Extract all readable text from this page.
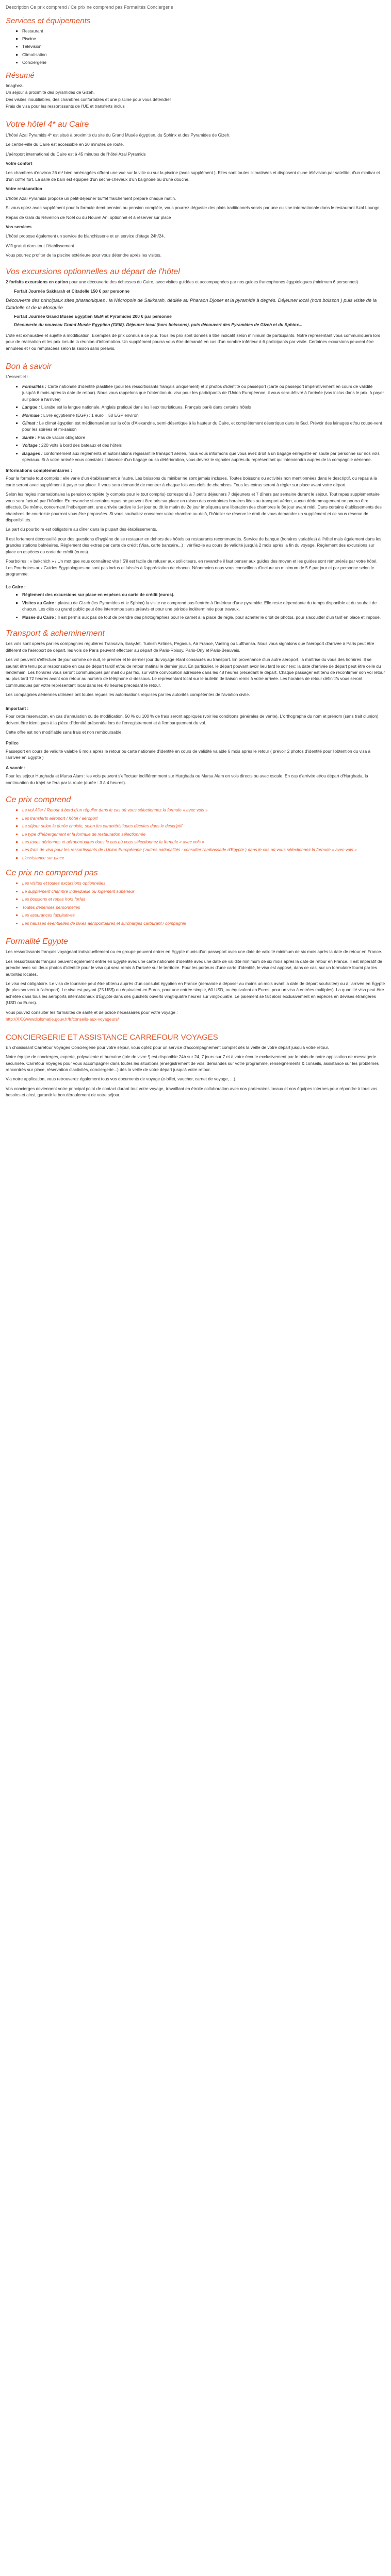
Description Ce prix comprend / Ce prix ne comprend pas Formalités Conciergerie
Services et équipements
▪ Restaurant
▪ Piscine
▪ Télévision
▪ Climatisation
▪ Conciergerie
Résumé

Imaghez...

Un séjour à proximité des pyramides de Gizeh.

Des visites inoubliables, des chambres confortables et une piscine pour vous détendre!

Frais de visa pour les ressortissants de l'UE et transferts inclus

Votre hôtel 4* au Caire

L'hôtel Azal Pyramids 4* est situé à proximité du site du Grand Musée égyptien, du Sphinx et des Pyramides de Gizeh.

Le centre-ville du Caire est accessible en 20 minutes de route.

L'aéroport international du Caire est à 45 minutes de l'hôtel Azal Pyramids

Votre confort

Les chambres d'environ 26 m² bien aménagées offrent une vue sur la ville ou sur la piscine (avec supplément ). Elles sont toutes climatisées et disposent d'une télévision par satellite, d'un minibar et d'un coffre fort. La salle de bain est équipée d'un sèche-cheveux d'un baignoire ou d'une douche.

Votre restauration

L'hôtel Azal Pyramids propose un petit-déjeuner buffet fraîchement préparé chaque matin.

Si vous optez avec supplément pour la formule demi-pension ou pension complète, vous pourrez déguster des plats traditionnels servis par une cuisine internationale dans le restaurant Azal Lounge.

Repas de Gala du Réveillon de Noël ou du Nouvel An: optionnel et à réserver sur place

Vos services

L'hôtel propose également un service de blanchisserie et un service d'étage 24h/24.

Wifi gratuit dans tout l'établissement

Vous pourrez profiter de la piscine extérieure pour vous détendre après les visites.

Vos excursions optionnelles au départ de l'hôtel

2 forfaits excursions en option pour une découverte des richesses du Caire, avec visites guidées et accompagnées par nos guides francophones égyptologues (minimum 6 personnes)

Forfait Journée Sakkarah et Citadelle 150 € par personne
Découverte des principaux sites pharaoniques : la Nécropole de Sakkarah, dédiée au Pharaon Djoser et la pyramide à degrés. Déjeuner local (hors boisson ) puis visite de la Citadelle et de la Mosquée
Forfait Journée Grand Musée Egyptien GEM et Pyramides 200 € par personne
Découverte du nouveau Grand Musée Egyptien (GEM). Déjeuner local (hors boissons), puis découvert des Pyramides de Gizeh et du Sphinx...

L'ote est exhaustive et sujette à modification. Exemples de prix connus à ce jour. Tous les prix sont donnés à titre indicatif selon minimum de participants. Notre représentant vous communiquera lors pour de réalisation et les prix lors de la réunion d'information. Un supplément pourra vous être demandé en cas d'un nombre inférieur à 6 participants par visite. Certaines excursions peuvent être annulées et / ou remplacées selon la saison sans préavis.

Bon à savoir

L'essentiel :

▪ Formalités : Carte nationale d'identité plastifiée (pour les ressortissants français uniquement) et 2 photos d'identité ou passeport (carte ou passeport impérativement en cours de validité jusqu'à 6 mois après la date de retour). Nous vous rappelons que l'obtention du visa pour les participants de l'Union Européenne, il vous sera délivré à l'arrivée (vos inclus dans le prix, à payer sur place à l'arrivée)
▪ Langue : L'arabe est la langue nationale. Anglais pratiqué dans les lieux touristiques. Français parlé dans certains hôtels
▪ Monnaie : Livre égyptienne (EGP) : 1 euro = 50 EGP environ
▪ Climat : Le climat égyptien est méditerranéen sur la côte d'Alexandrie, semi-désertique à la hauteur du Caire, et complètement désertique dans le Sud. Prévoir des lainages et/ou coupe-vent pour les soirées et mi-saison
▪ Santé : Pas de vaccin obligatoire
▪ Voltage : 220 volts à bord des bateaux et des hôtels
▪ Bagages : conformément aux règlements et autorisations régissant le transport aérien, nous vous informons que vous avez droit à un bagage enregistré en soute par personne sur nos vols spéciaux. Si à votre arrivée vous constatez l'absence d'un bagage ou sa détérioration, vous devrez le signaler auprès du représentant qui interviendra auprès de la compagnie aérienne.
Informations complémentaires :

Pour la formule tout compris : elle varie d'un établissement à l'autre. Les boissons du minibar ne sont jamais incluses. Toutes boissons ou activités non mentionnées dans le descriptif, ou repas à la carte seront avec supplément à payer sur place. Il vous sera demandé de montrer à chaque fois vos clefs de chambres. Tous les extras seront à régler sur place avant votre départ.

Selon les règles internationales la pension complète (y compris pour le tout compris) correspond à 7 petits déjeuners 7 déjeuners et 7 dîners par semaine durant le séjour. Tout repas supplémentaire vous sera facturé par l'hôtelier. En revanche si certains repas ne peuvent être pris sur place en raison des contraintes horaires liées au transport aérien, aucun dédommagement ne pourra être effectué. De même, concernant l'hébergement, une arrivée tardive le 1er jour ou tôt le matin du 2e jour impliquera une libération des chambres le 8e jour avant midi. Dans certains établissements des chambres de courtoisie pourront vous être proposées. Si vous souhaitez conserver votre chambre au-delà, l'hôtelier se réserve le droit de vous demander un supplément et ce sous réserve de disponibilités.

La part du pourboire est obligatoire au dîner dans la plupart des établissements.

Il est fortement déconseillé pour des questions d'hygiène de se restaurer en dehors des hôtels ou restaurants recommandés. Service de banque (horaires variables) à l'hôtel mais également dans les grandes stations balnéaires. Règlement des extras par carte de crédit (Visa, carte bancaire...) : vérifiez-le au cours de validité jusqu'à 2 mois après la fin du voyage. Règlement des excursions sur place en espèces ou carte de crédit (euros).

Pourboires : « bakchich » / Un mot que vous connaîtrez vite ! S'il est facile de refuser aux solliciteurs, en revanche il faut penser aux guides des moyen et les guides sont rémunérés par votre hôtel. Les Pourboires aux Guides Égyptologues ne sont pas inclus et laissés à l'appréciation de chacun. Néanmoins nous vous conseillons d'inclure un minimum de 5 € par jour et par personne selon le programme.

Le Caire :
▪ Règlement des excursions sur place en espèces ou carte de crédit (euros).
▪ Visites au Caire : plateau de Gizeh (les Pyramides et le Sphinx) la visite ne comprend pas l'entrée à l'intérieur d'une pyramide. Elle reste dépendante du temps disponible et du souhait de chacun. Les clés ou grand public peut être interrompu sans préavis et pour une période indéterminée pour travaux.
▪ Musée du Caire : Il est permis aux pas de tout de prendre des photographies pour le carnet à la place de réglé, pour acheter le droit de photos, pour s'acquitter d'un tarif en place et imposé.
Transport & acheminement

Les vols sont opérés par les compagnies régulières Transavia, EasyJet, Turkish Airlines, Pegasus, Air France, Vueling ou Lufthansa. Nous vous signalons que l'aéroport d'arrivée à Paris peut être différent de l'aéroport de départ, les vols de Paris peuvent effectuer au départ de Paris-Roissy, Paris-Orly et Paris-Beauvais.

Les vol peuvent s'effectuer de jour comme de nuit, le premier et le dernier jour du voyage étant consacrés au transport. En provenance d'un autre aéroport, la maîtrise du vous des horaires. Il se saurait être tenu pour responsable en cas de départ tardif et/ou de retour matinal le dernier jour. En particulier, le départ pouvant avoir lieu tard le soir (ex: la date d'arrivée de départ peut être celle du lendemain. Les horaires vous seront communiqués par mail ou par fax, sur votre convocation adressée dans les 48 heures précédant le départ. Chaque passager est tenu de reconfirmer son vol retour au plus tard 72 heures avant son retour au numéro de téléphone ci-dessous. Le représentant local sur le bulletin de liaison remis à votre arrivée. Les horaires de retour définitifs vous seront communiqués par votre représentant local dans les 48 heures précédant le retour.

Les compagnies aériennes utilisées ont toutes reçues les autorisations requises par les autorités compétentes de l'aviation civile.

Important :

Pour cette réservation, en cas d'annulation ou de modification, 50 % ou 100 % de frais seront appliqués (voir les conditions générales de vente). L'orthographe du nom et prénom (sans trait d'union) doivent être identiques à la pièce d'identité présentée lors de l'enregistrement et à l'embarquement du vol.

Cette offre est non modifiable sans frais et non remboursable.

Police

Passeport en cours de validité valable 6 mois après le retour ou carte nationale d'identité en cours de validité valable 6 mois après le retour ( prévoir 2 photos d'identité pour l'obtention du visa à l'arrivée en Egypte )

A savoir :

Pour les séjour Hurghada et Marsa Alam : les vols peuvent s'effectuer indifféremment sur Hurghada ou Marsa Alam en vols directs ou avec escale. En cas d'arrivée et/ou départ d'Hurghada, la continuation du trajet se fera par la route (durée : 3 à 4 heures).

Ce prix comprend
▪ Le vol Aller / Retour à bord d'un régulier dans le cas où vous sélectionnez la formule « avec vols »
▪ Les transferts aéroport / hôtel / aéroport
▪ Le séjour selon la durée choisie, selon les caractéristiques décrites dans le descriptif
▪ Le type d'hébergement et la formule de restauration sélectionnée
▪ Les taxes aériennes et aéroportuaires dans le cas où vous sélectionnez la formule « avec vols »
▪ Les frais de visa pour les ressortissants de l'Union Européenne ( autres nationalités : consulter l'ambassade d'Egypte ) dans le cas où vous sélectionnez la formule « avec vols »
▪ L'assistance sur place
Ce prix ne comprend pas
▪ Les visites et toutes excursions optionnelles
▪ Le supplément chambre individuelle ou logement supérieur
▪ Les boissons et repas hors forfait
▪ Toutes dépenses personnelles
▪ Les assurances facultatives
▪ Les hausses éventuelles de taxes aéroportuaires et surcharges carburant / compagnie
Formalité Egypte

Les ressortissants français voyageant individuellement ou en groupe peuvent entrer en Egypte munis d'un passeport avec une date de validité minimum de six mois après la date de retour en France.

Les ressortissants français peuvent également entrer en Egypte avec une carte nationale d'identité avec une date de validité minimum de six mois après la date de retour en France. Il est impératif de prendre avec soi deux photos d'identité pour le visa qui sera remis à l'arrivée sur le territoire. Pour les porteurs d'une carte d'identité, le visa est apposé, dans ce cas, sur un formulaire fourni par les autorités locales.

Le visa est obligatoire. Le visa de tourisme peut être obtenu auprès d'un consulat égyptien en France (demande à déposer au moins un mois avant la date de départ souhaitée) ou à l'arrivée en Égypte (le plus souvent à l'aéroport). Le visa est payant (25 US$) ou équivalent en Euros, pour une entrée simple, 60 USD, ou équivalent en Euros, pour un visa à entrées multiples). La quantité visa peut être achetée dans tous les aéroports internationaux d'Égypte dans des guichets ouverts vingt-quatre heures sur vingt-quatre. Le paiement se fait alors exclusivement en espèces en devises étrangères (USD ou Euros).

Vous pouvez consulter les formalités de santé et de police nécessaires pour votre voyage :

http://XXXwwwdiplomatie.gouv.fr/fr/conseils-aux-voyageurs/

CONCIERGERIE ET ASSISTANCE CARREFOUR VOYAGES

En choisissant Carrefour Voyages Conciergerie pour votre séjour, vous optez pour un service d'accompagnement complet dès la veille de votre départ jusqu'à votre retour.

Notre équipe de concierges, experte, polyvalente et humaine (joie de vivre !) est disponible 24h sur 24, 7 jours sur 7 et à votre écoute exclusivement par le biais de notre application de messagerie sécurisée. Carrefour Voyages pour vous accompagner dans toutes les situations (enregistrement de vols, demandes sur votre programme, renseignements & conseils, assistance sur les problèmes rencontrés sur place, réservation d'activités, conciergerie...) dès la veille de votre départ jusqu'à votre retour.

Via notre application, vous retrouverez également tous vos documents de voyage (e-billet, vaucher, carnet de voyage, ...).

Vos concierges deviennent votre principal point de contact durant tout votre voyage, travaillant en étroite collaboration avec nos partenaires locaux et nos équipes internes pour répondre à tous vos besoins et ainsi, garantir le bon déroulement de votre séjour.
